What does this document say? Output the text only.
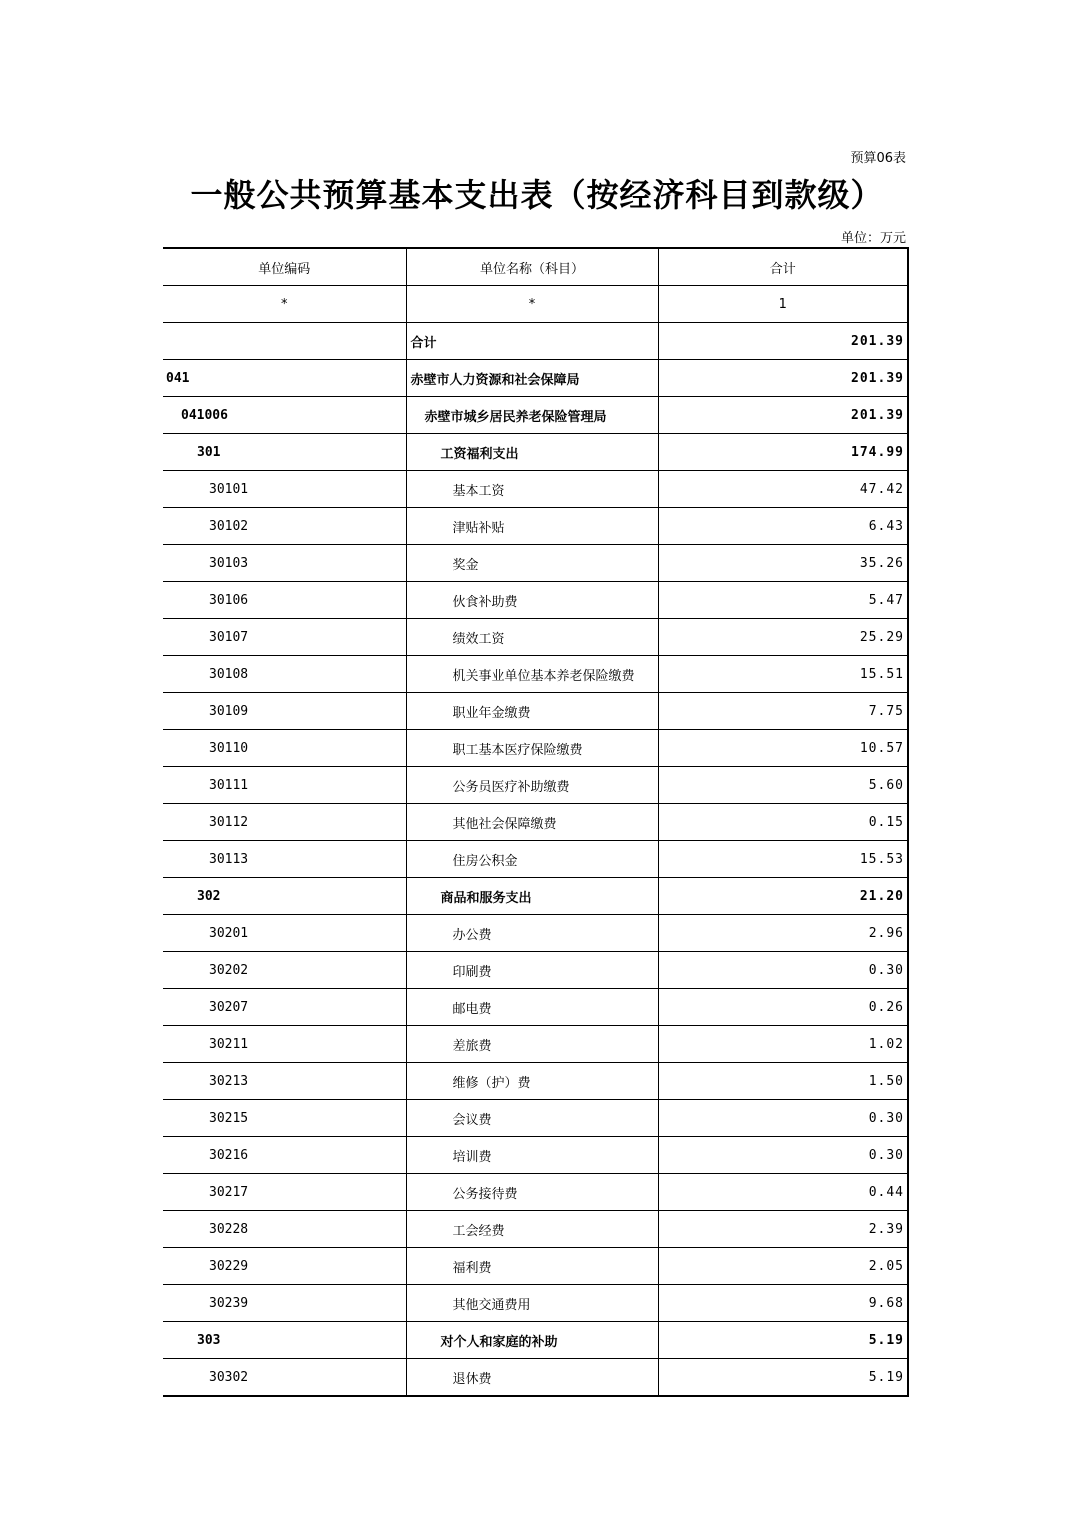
预算06表
一般公共预算基本支出表（按经济科目到款级）
单位：万元
单位编码	单位名称（科目）	合计
*	*	1
	合计	201.39
041	赤壁市人力资源和社会保障局	201.39
041006	赤壁市城乡居民养老保险管理局	201.39
301	工资福利支出	174.99
30101	基本工资	47.42
30102	津贴补贴	6.43
30103	奖金	35.26
30106	伙食补助费	5.47
30107	绩效工资	25.29
30108	机关事业单位基本养老保险缴费	15.51
30109	职业年金缴费	7.75
30110	职工基本医疗保险缴费	10.57
30111	公务员医疗补助缴费	5.60
30112	其他社会保障缴费	0.15
30113	住房公积金	15.53
302	商品和服务支出	21.20
30201	办公费	2.96
30202	印刷费	0.30
30207	邮电费	0.26
30211	差旅费	1.02
30213	维修（护）费	1.50
30215	会议费	0.30
30216	培训费	0.30
30217	公务接待费	0.44
30228	工会经费	2.39
30229	福利费	2.05
30239	其他交通费用	9.68
303	对个人和家庭的补助	5.19
30302	退休费	5.19
